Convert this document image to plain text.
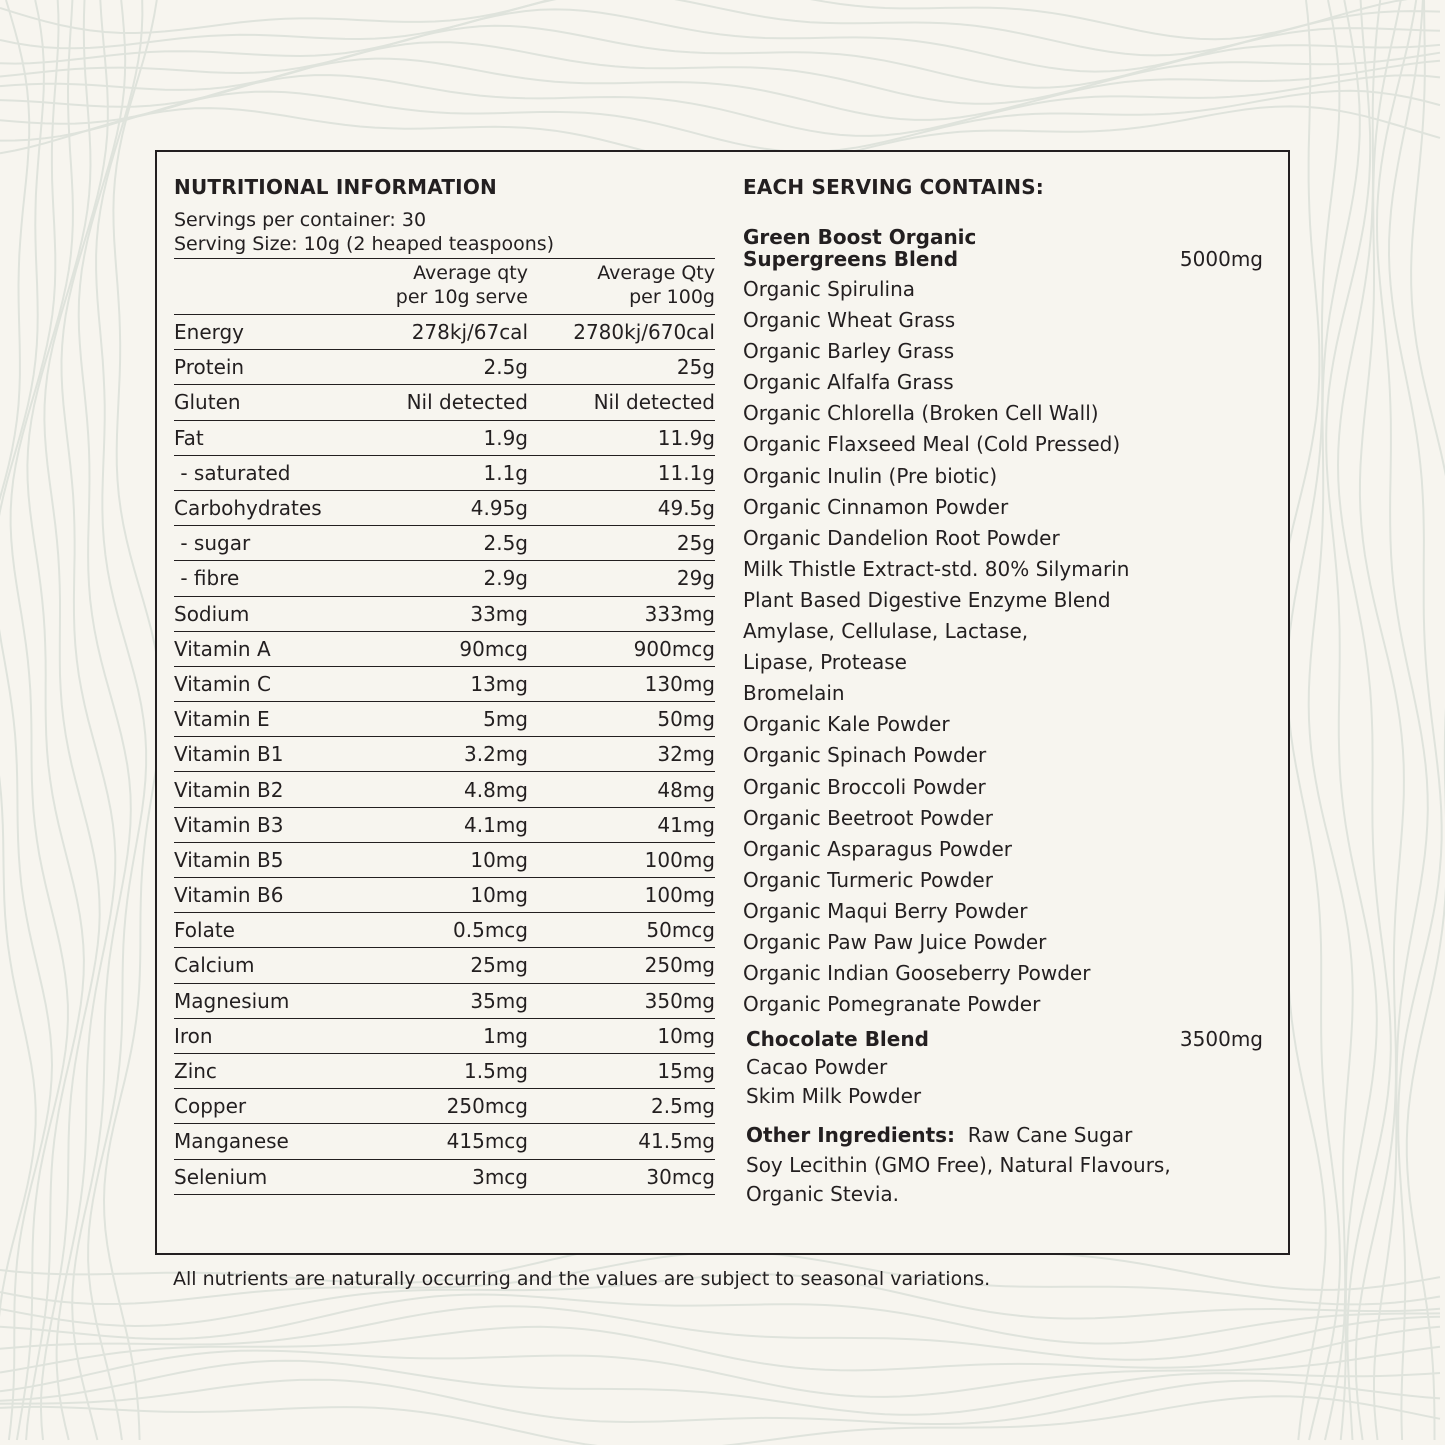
NUTRITIONAL INFORMATION
Servings per container: 30
Serving Size: 10g (2 heaped teaspoons)
Average qty
per 10g serve
Average Qty
per 100g
Energy	278kj/67cal	2780kj/670cal
Protein	2.5g	25g
Gluten	Nil detected	Nil detected
Fat	1.9g	11.9g
- saturated	1.1g	11.1g
Carbohydrates	4.95g	49.5g
- sugar	2.5g	25g
- fibre	2.9g	29g
Sodium	33mg	333mg
Vitamin A	90mcg	900mcg
Vitamin C	13mg	130mg
Vitamin E	5mg	50mg
Vitamin B1	3.2mg	32mg
Vitamin B2	4.8mg	48mg
Vitamin B3	4.1mg	41mg
Vitamin B5	10mg	100mg
Vitamin B6	10mg	100mg
Folate	0.5mcg	50mcg
Calcium	25mg	250mg
Magnesium	35mg	350mg
Iron	1mg	10mg
Zinc	1.5mg	15mg
Copper	250mcg	2.5mg
Manganese	415mcg	41.5mg
Selenium	3mcg	30mcg
EACH SERVING CONTAINS:
Green Boost Organic
Supergreens Blend	5000mg
Organic Spirulina
Organic Wheat Grass
Organic Barley Grass
Organic Alfalfa Grass
Organic Chlorella (Broken Cell Wall)
Organic Flaxseed Meal (Cold Pressed)
Organic Inulin (Pre biotic)
Organic Cinnamon Powder
Organic Dandelion Root Powder
Milk Thistle Extract-std. 80% Silymarin
Plant Based Digestive Enzyme Blend
Amylase, Cellulase, Lactase,
Lipase, Protease
Bromelain
Organic Kale Powder
Organic Spinach Powder
Organic Broccoli Powder
Organic Beetroot Powder
Organic Asparagus Powder
Organic Turmeric Powder
Organic Maqui Berry Powder
Organic Paw Paw Juice Powder
Organic Indian Gooseberry Powder
Organic Pomegranate Powder
Chocolate Blend	3500mg
Cacao Powder
Skim Milk Powder
Other Ingredients: Raw Cane Sugar
Soy Lecithin (GMO Free), Natural Flavours,
Organic Stevia.
All nutrients are naturally occurring and the values are subject to seasonal variations.
